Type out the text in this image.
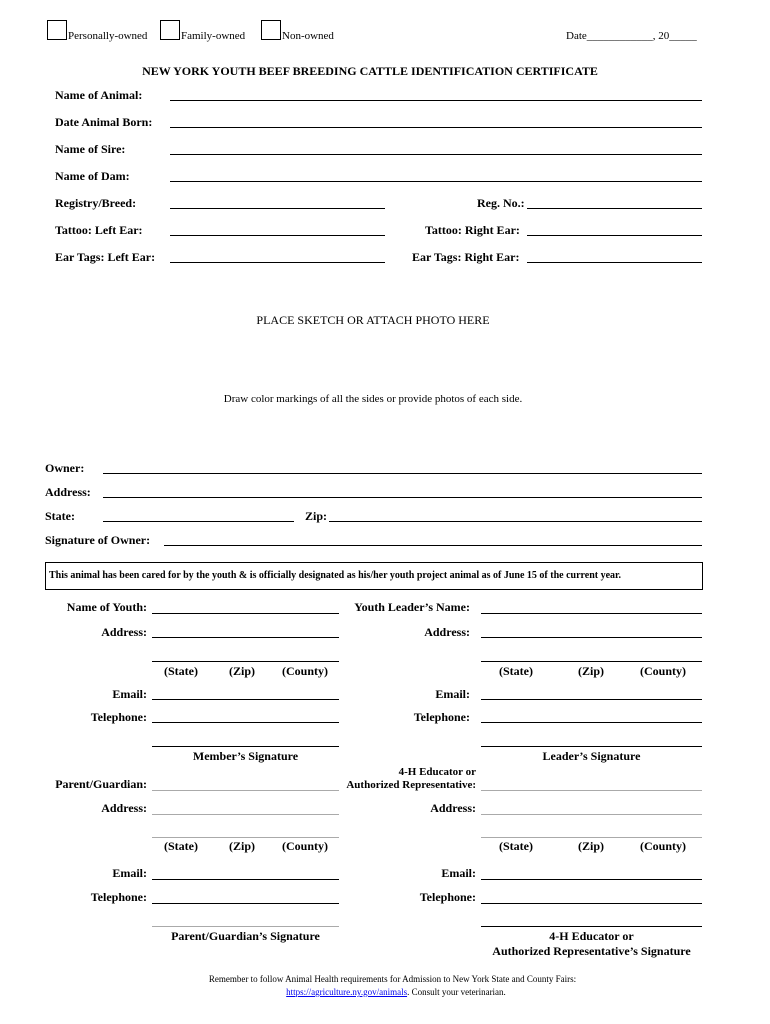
Personally-owned	Family-owned	Non-owned	Date____________, 20_____
NEW YORK YOUTH BEEF BREEDING CATTLE IDENTIFICATION CERTIFICATE
Name of Animal:
Date Animal Born:
Name of Sire:
Name of Dam:
Registry/Breed:	Reg. No.:
Tattoo: Left Ear:	Tattoo: Right Ear:
Ear Tags: Left Ear:	Ear Tags: Right Ear:
PLACE SKETCH OR ATTACH PHOTO HERE
Draw color markings of all the sides or provide photos of each side.
Owner:
Address:
State:	Zip:
Signature of Owner:
This animal has been cared for by the youth & is officially designated as his/her youth project animal as of June 15 of the current year.
Name of Youth:
Address:
(State)	(Zip) (County)
Email:
Telephone:
Member’s Signature
Youth Leader’s Name:
Address:
(State)	(Zip)	(County)
Email:
Telephone:
Leader’s Signature
Parent/Guardian:
Address:
(State)	(Zip) (County)
Email:
Telephone:
Parent/Guardian’s Signature
4-H Educator or
Authorized Representative:
Address:
(State)	(Zip)	(County)
Email:
Telephone:
4-H Educator or
Authorized Representative’s Signature
Remember to follow Animal Health requirements for Admission to New York State and County Fairs:
https://agriculture.ny.gov/animals. Consult your veterinarian.
